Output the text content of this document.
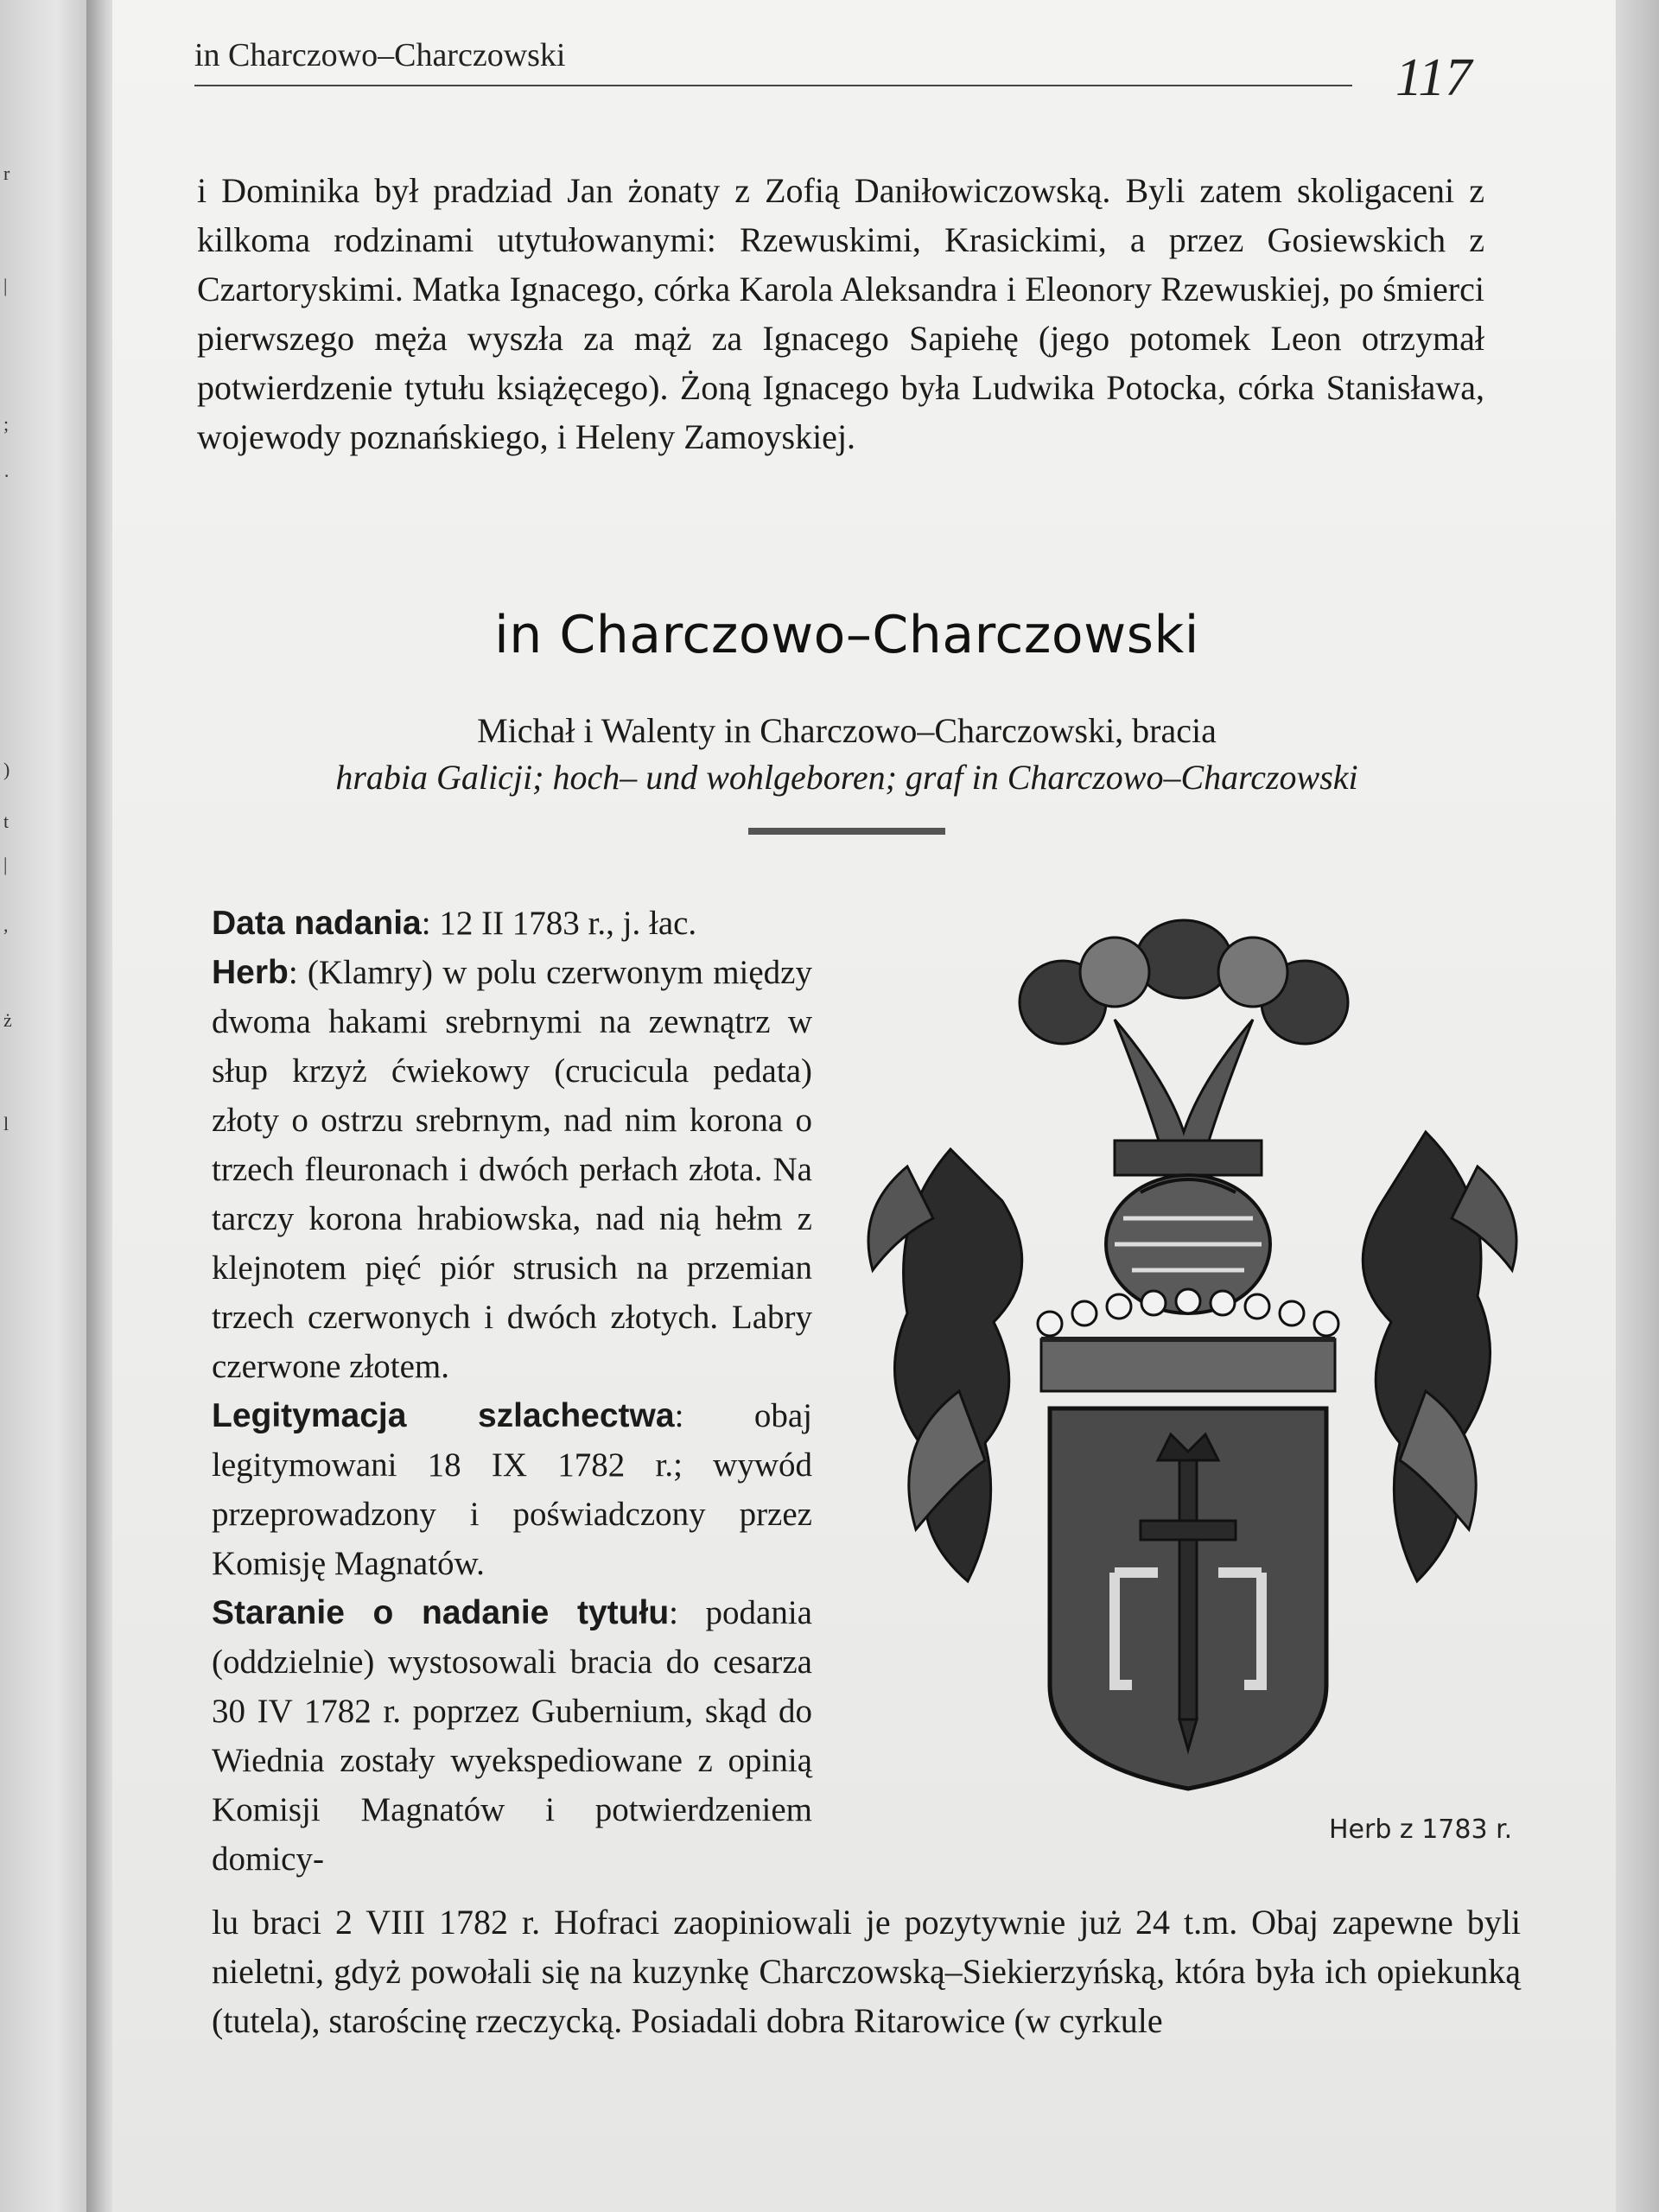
r
|
;
·
)
t
|
,
ż
l
in Charczowo–Charczowski	117
i Dominika był pradziad Jan żonaty z Zofią Daniłowiczowską. Byli zatem skoligaceni z kilkoma rodzinami utytułowanymi: Rzewuskimi, Krasickimi, a przez Gosiewskich z Czartoryskimi. Matka Ignacego, córka Karola Aleksandra i Eleonory Rzewuskiej, po śmierci pierwszego męża wyszła za mąż za Ignacego Sapiehę (jego potomek Leon otrzymał potwierdzenie tytułu książęcego). Żoną Ignacego była Ludwika Potocka, córka Stanisława, wojewody poznańskiego, i Heleny Zamoyskiej.
in Charczowo–Charczowski
Michał i Walenty in Charczowo–Charczowski, bracia
hrabia Galicji; hoch– und wohlgeboren; graf in Charczowo–Charczowski

Data nadania: 12 II 1783 r., j. łac.

Herb: (Klamry) w polu czerwonym między dwoma hakami srebrnymi na zewnątrz w słup krzyż ćwiekowy (crucicula pedata) złoty o ostrzu srebrnym, nad nim korona o trzech fleuronach i dwóch perłach złota. Na tarczy korona hrabiowska, nad nią hełm z klejnotem pięć piór strusich na przemian trzech czerwonych i dwóch złotych. Labry czerwone złotem.

Legitymacja szlachectwa: obaj legitymowani 18 IX 1782 r.; wywód przeprowadzony i poświadczony przez Komisję Magnatów.

Staranie o nadanie tytułu: podania (oddzielnie) wystosowali bracia do cesarza 30 IV 1782 r. poprzez Gubernium, skąd do Wiednia zostały wyekspediowane z opinią Komisji Magnatów i potwierdzeniem domicy-

Herb z 1783 r.
lu braci 2 VIII 1782 r. Hofraci zaopiniowali je pozytywnie już 24 t.m. Obaj zapewne byli nieletni, gdyż powołali się na kuzynkę Charczowską–Siekierzyńską, która była ich opiekunką (tutela), starościnę rzeczycką. Posiadali dobra Ritarowice (w cyrkule
